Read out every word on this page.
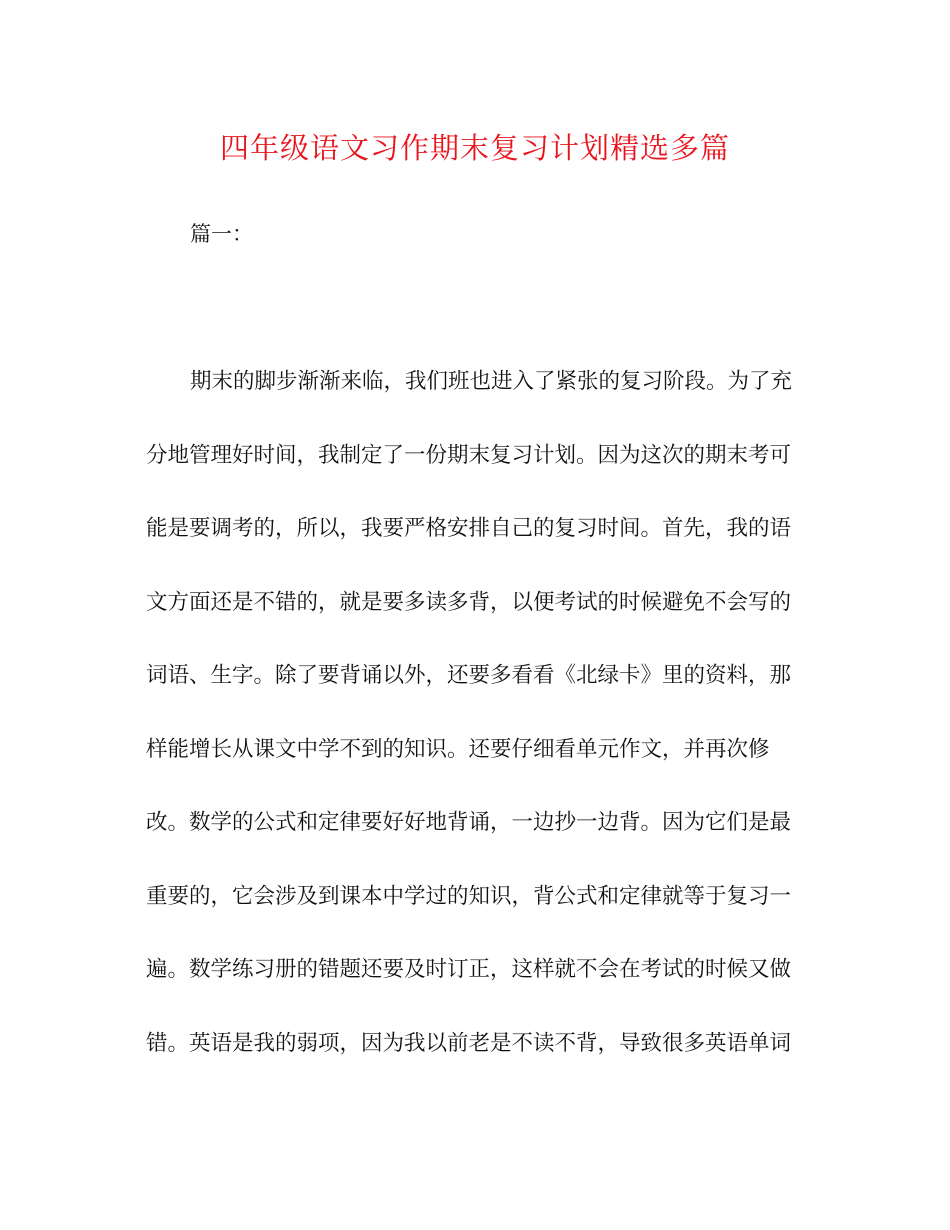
四年级语文习作期末复习计划精选多篇

篇一：

期末的脚步渐渐来临，我们班也进入了紧张的复习阶段。为了充
分地管理好时间，我制定了一份期末复习计划。因为这次的期末考可
能是要调考的，所以，我要严格安排自己的复习时间。首先，我的语
文方面还是不错的，就是要多读多背，以便考试的时候避免不会写的
词语、生字。除了要背诵以外，还要多看看《北绿卡》里的资料，那
样能增长从课文中学不到的知识。还要仔细看单元作文，并再次修
改。数学的公式和定律要好好地背诵，一边抄一边背。因为它们是最
重要的，它会涉及到课本中学过的知识，背公式和定律就等于复习一
遍。数学练习册的错题还要及时订正，这样就不会在考试的时候又做
错。英语是我的弱项，因为我以前老是不读不背，导致很多英语单词
